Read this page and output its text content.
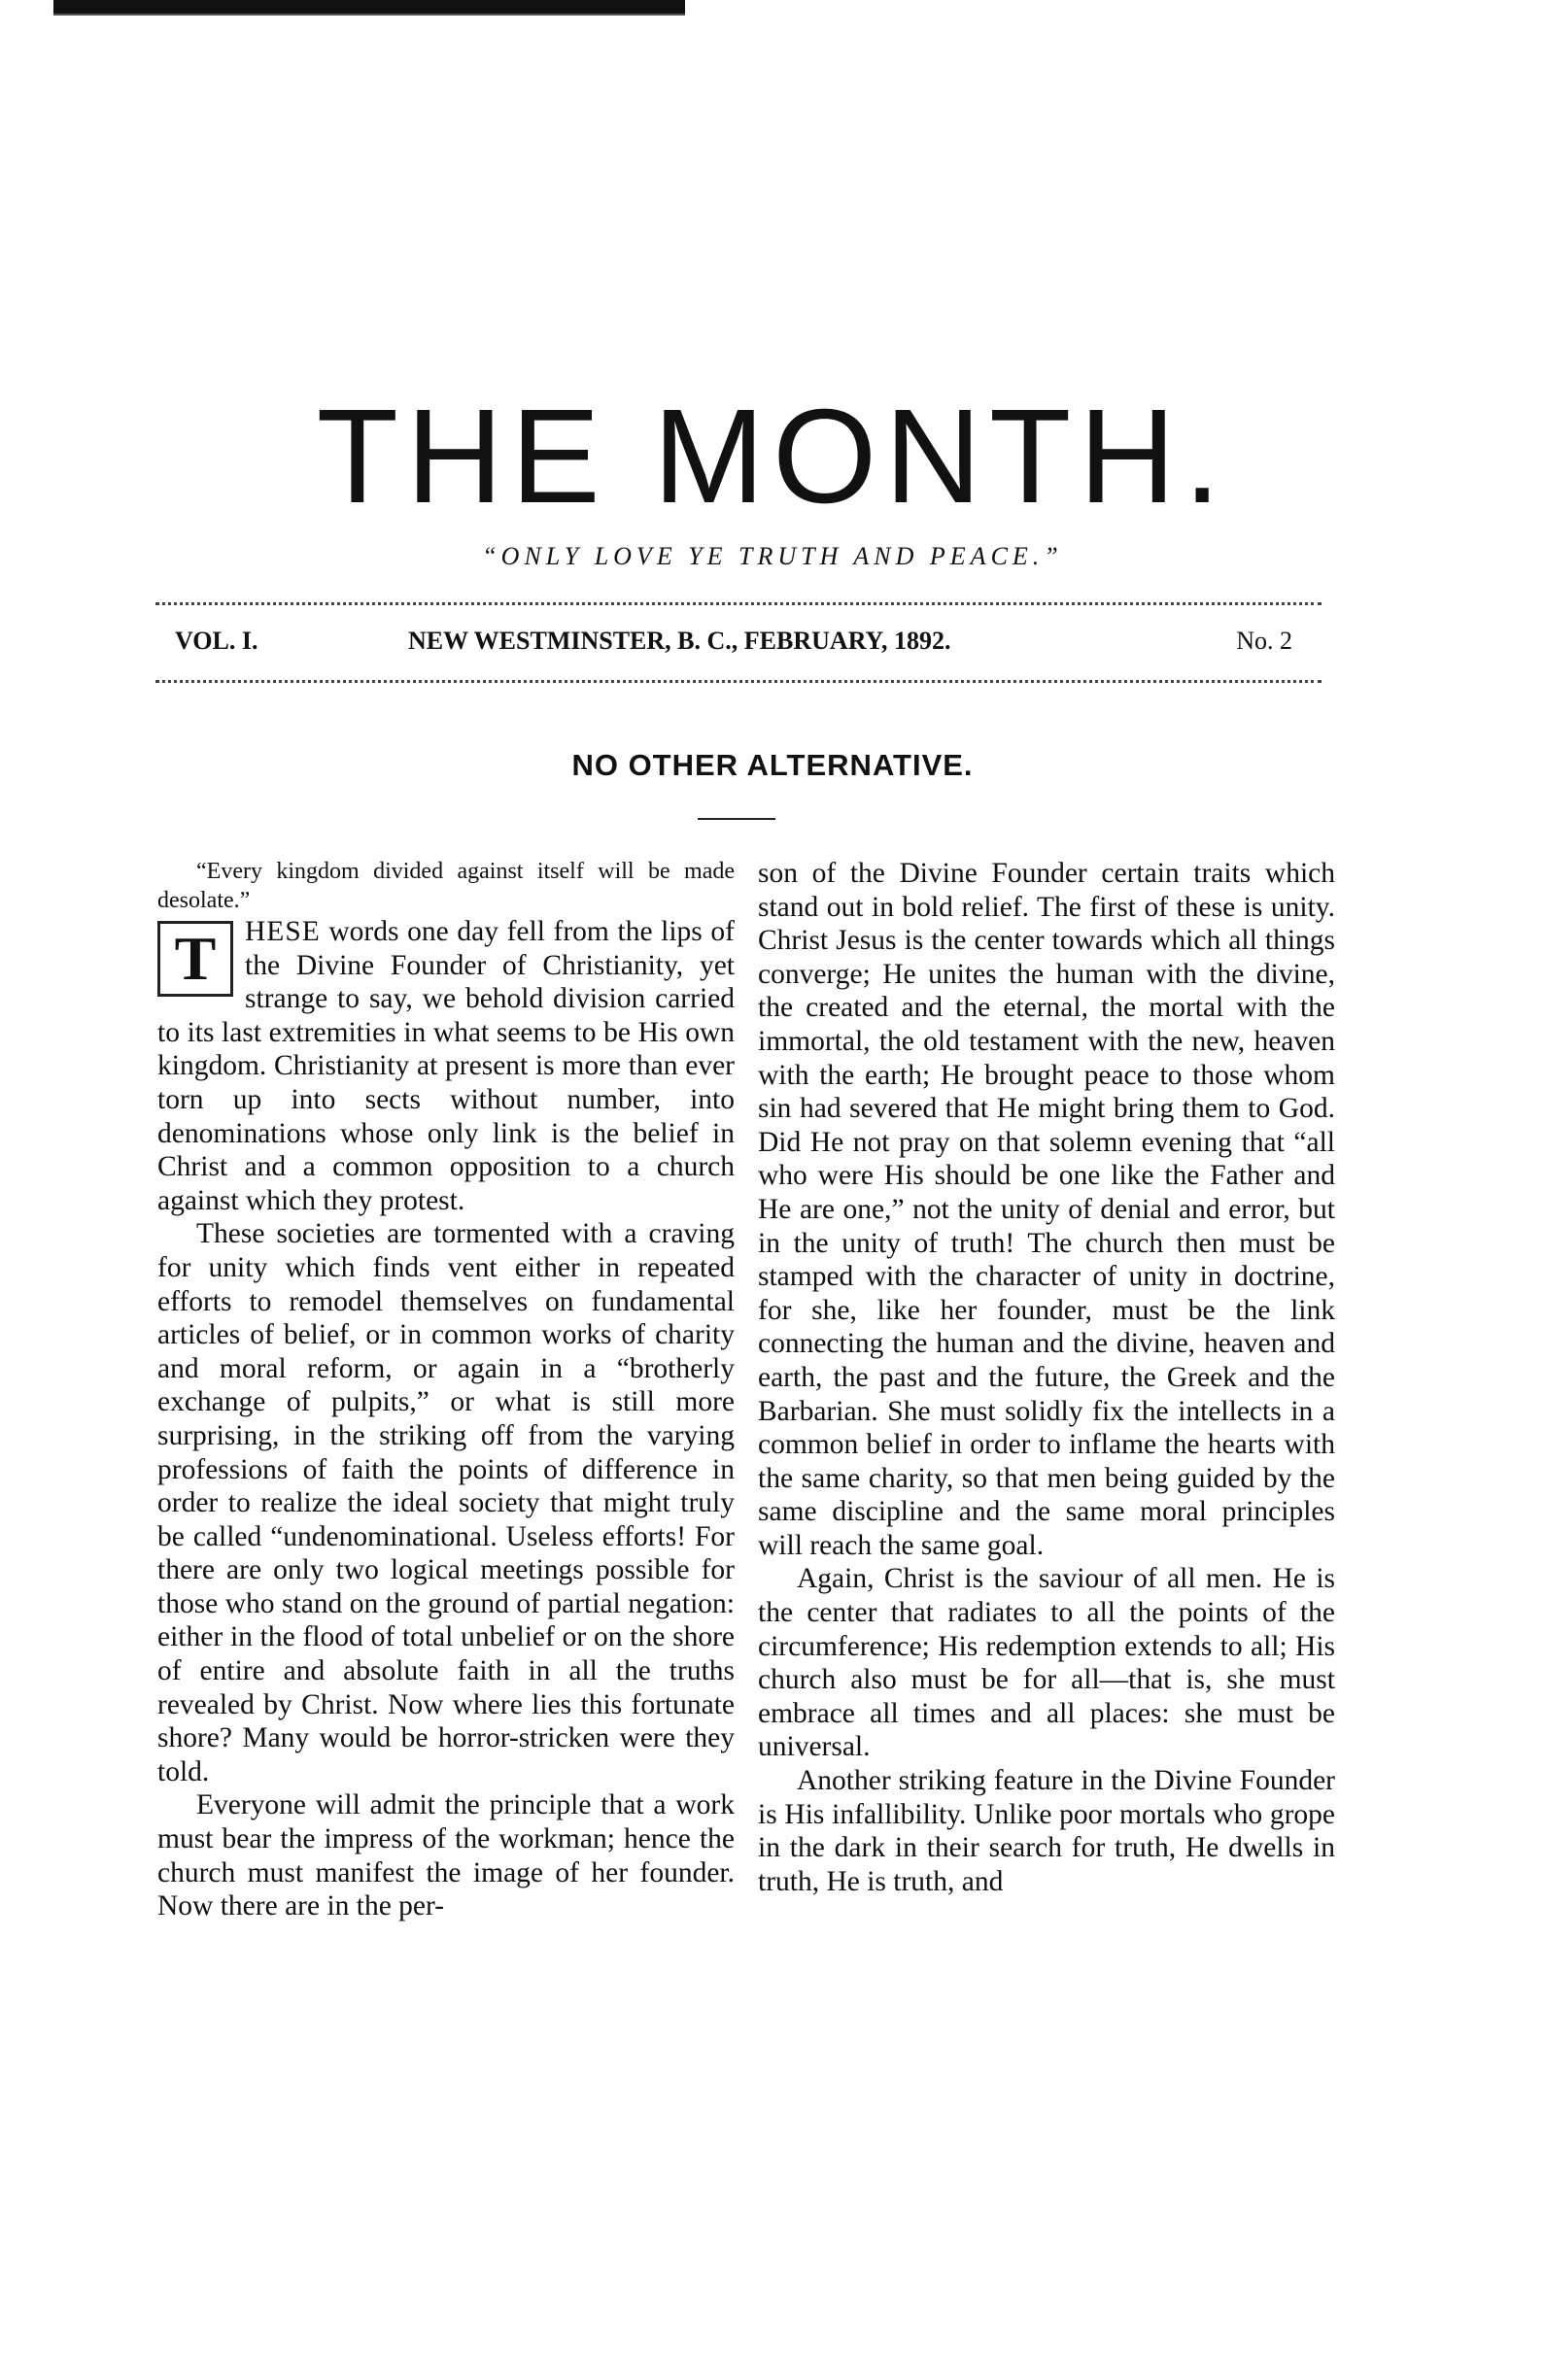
THE MONTH.
“ONLY LOVE YE TRUTH AND PEACE.”
VOL. I.	NEW WESTMINSTER, B. C., FEBRUARY, 1892.	No. 2
NO OTHER ALTERNATIVE.

“Every kingdom divided against itself will be made desolate.”

T HESE words one day fell from the lips of the Divine Founder of Christianity, yet strange to say, we behold division carried to its last extremities in what seems to be His own kingdom. Christianity at present is more than ever torn up into sects without number, into denominations whose only link is the belief in Christ and a common opposition to a church against which they protest.

These societies are tormented with a craving for unity which finds vent either in repeated efforts to remodel themselves on fundamental articles of belief, or in common works of charity and moral reform, or again in a “brotherly exchange of pulpits,” or what is still more surprising, in the striking off from the varying professions of faith the points of difference in order to realize the ideal society that might truly be called “undenominational. Useless efforts! For there are only two logical meetings possible for those who stand on the ground of partial negation: either in the flood of total unbelief or on the shore of entire and absolute faith in all the truths revealed by Christ. Now where lies this fortunate shore? Many would be horror-stricken were they told.

Everyone will admit the principle that a work must bear the impress of the workman; hence the church must manifest the image of her founder. Now there are in the per-

son of the Divine Founder certain traits which stand out in bold relief. The first of these is unity. Christ Jesus is the center towards which all things converge; He unites the human with the divine, the created and the eternal, the mortal with the immortal, the old testament with the new, heaven with the earth; He brought peace to those whom sin had severed that He might bring them to God. Did He not pray on that solemn evening that “all who were His should be one like the Father and He are one,” not the unity of denial and error, but in the unity of truth! The church then must be stamped with the character of unity in doctrine, for she, like her founder, must be the link connecting the human and the divine, heaven and earth, the past and the future, the Greek and the Barbarian. She must solidly fix the intellects in a common belief in order to inflame the hearts with the same charity, so that men being guided by the same discipline and the same moral principles will reach the same goal.

Again, Christ is the saviour of all men. He is the center that radiates to all the points of the circumference; His redemption extends to all; His church also must be for all—that is, she must embrace all times and all places: she must be universal.

Another striking feature in the Divine Founder is His infallibility. Unlike poor mortals who grope in the dark in their search for truth, He dwells in truth, He is truth, and
